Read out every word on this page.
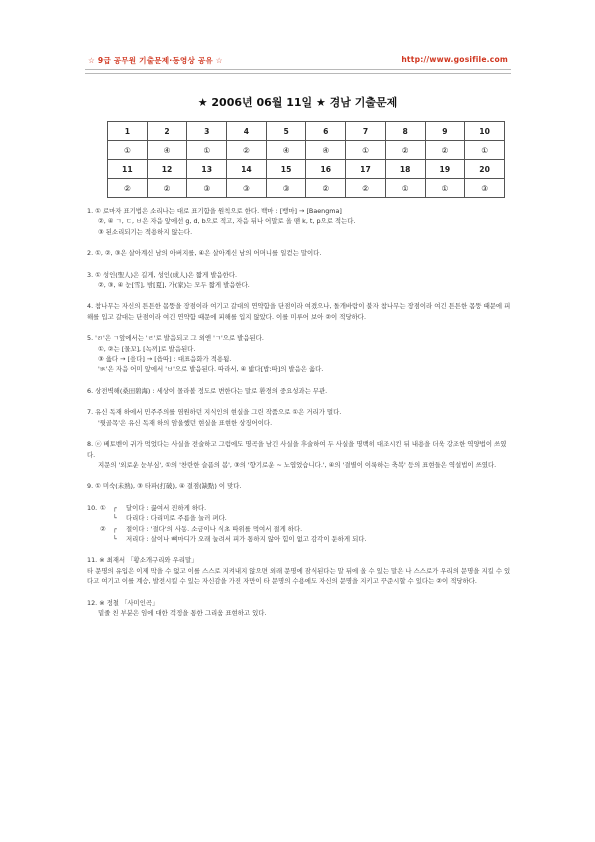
☆ 9급 공무원 기출문제·동영상 공유 ☆	http://www.gosifile.com
★ 2006년 06월 11일 ★ 경남 기출문제
1	2	3	4	5	6	7	8	9	10
①	④	①	②	④	④	①	②	②	①
11	12	13	14	15	16	17	18	19	20
②	②	③	③	③	②	②	①	①	③
1. ① 로마자 표기법은 소리나는 대로 표기함을 원칙으로 한다. 백마 : [뱅마] → [Baengma]
②, ④ ㄱ, ㄷ, ㅂ은 자음 앞에선 g, d, b으로 적고, 자음 뒤나 어말로 올 땐 k, t, p으로 적는다.
③ 된소리되기는 적용하지 않는다.
2. ①, ②, ③은 살아계신 남의 아버지를, ④은 살아계신 남의 어머니를 일컫는 말이다.
3. ① 성인(聖人)은 길게, 성인(成人)은 짧게 발음한다.
②, ③, ④ 눈[雪], 밤[夏], 가(家)는 모두 짧게 발음한다.
4. 참나무는 자신의 튼튼한 몸뚱을 장점이라 여기고 갈대의 연약함을 단점이라 여겼으나, 돌개바람이 불자 참나무는 장점이라 여긴 튼튼한 몸뚱 때문에 피해를 입고 갈대는 단점이라 여긴 연약함 때문에 피해를 입지 않았다. 이를 미루어 보아 ②이 적당하다.
5. 'ㄺ'은 ㄱ앞에서는 'ㄹ'로 발음되고 그 외엔 'ㄱ'으로 발음된다.
①, ②는 [물꼬], [녹끼]로 발음된다.
③ 읊다 → [읖다] → [읍따] : 대표음화가 적용됨.
'ㅄ'은 자음 어미 앞에서 'ㅂ'으로 발음된다. 따라서, ④ 밟다[밥:따]의 발음은 옳다.
6. 상전벽해(桑田碧海) : 세상이 몰라볼 정도로 변한다는 말로 환경의 중요성과는 무관.
7. 유신 독재 하에서 민주주의를 염원하던 지식인의 현실을 그린 작품으로 ①은 거리가 멀다.
'뒷골목'은 유신 독재 하의 암울했던 현실을 표현한 상징어이다.
8. ⓔ 베토벤이 귀가 먹었다는 사실을 전술하고 그럼에도 명곡을 남긴 사실을 후술하여 두 사실을 명백히 대조시킨 뒤 내용을 더욱 강조한 역양법이 쓰였다.
지문의 '외로운 눈부심', ①의 '찬란한 슬픔의 봄', ③의 '향기로운 ~ 노엽었습니다.', ④의 '결별이 이룩하는 축복' 등의 표현들은 역설법이 쓰였다.
9. ① 미숙(未熟), ③ 타파(打破), ④ 결점(缺點) 이 맞다.
10. ①	┌	달이다 : 끓여서 진하게 하다.
└	다리다 : 다리미로 주름을 눌러 펴다.
②	┌	절이다 : '절다'의 사동. 소금이나 식초 따위를 먹여서 절게 하다.
└	저리다 : 살이나 뼈마디가 오래 눌려서 피가 통하지 않아 힘이 없고 감각이 둔하게 되다.
11. ※ 최재서 「황소개구리와 우리말」
타 문명의 유입은 이제 막을 수 없고 이를 스스로 지켜내지 않으면 외래 문명에 잠식된다는 말 뒤에 올 수 있는 말은 나 스스로가 우리의 문명을 지킬 수 있다고 여기고 이를 계승, 발전시킬 수 있는 자신감을 가진 자만이 타 문명의 수용에도 자신의 문명을 지키고 꾸준시할 수 있다는 ②이 적당하다.
12. ※ 정철 「사미인곡」
밑줄 친 부분은 임에 대한 걱정을 통한 그리움 표현하고 있다.
